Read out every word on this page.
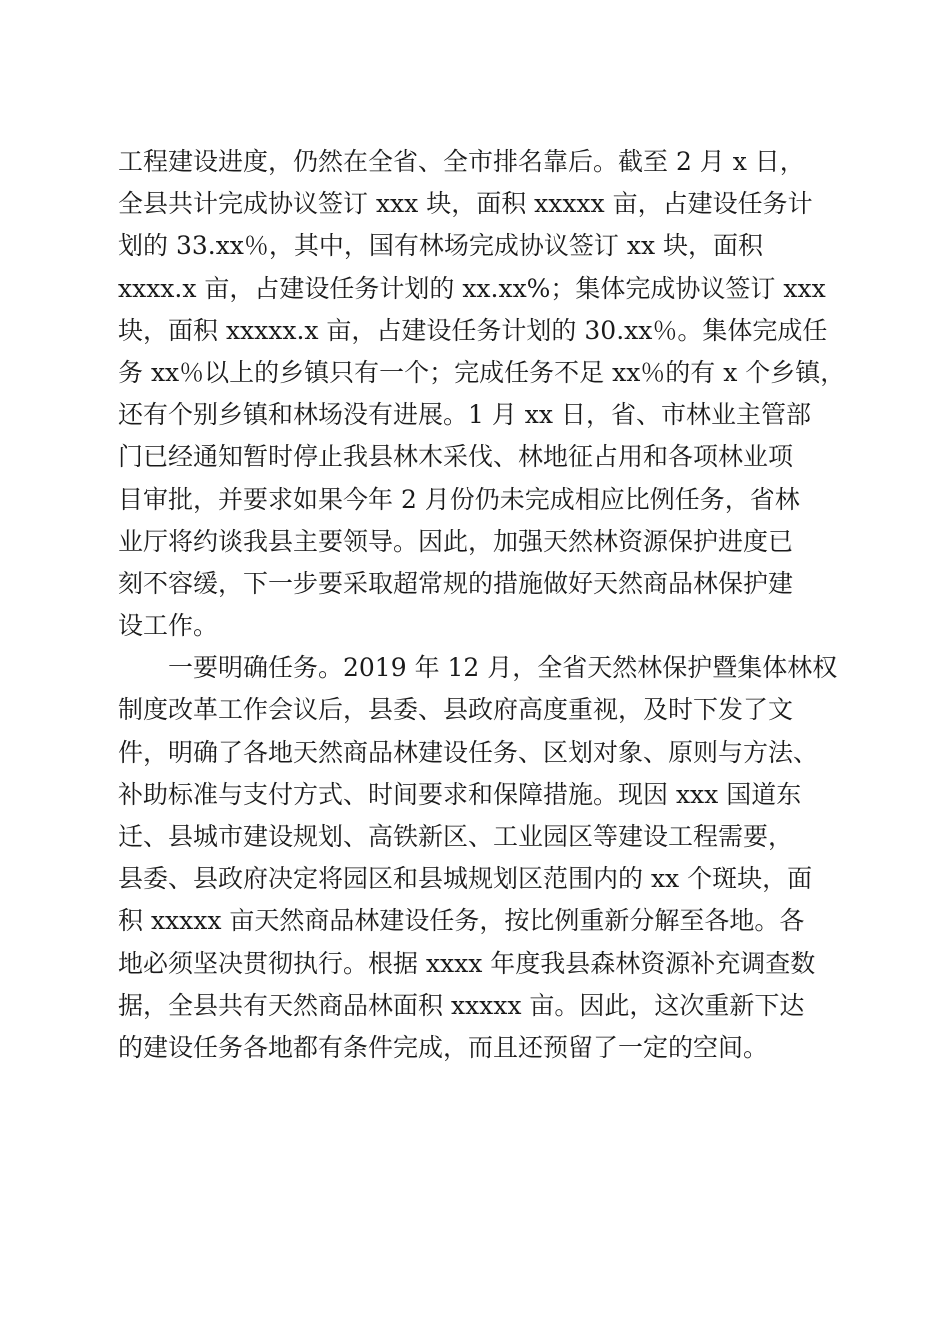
工程建设进度，仍然在全省、全市排名靠后。截至 2 月 x 日，
全县共计完成协议签订 xxx 块，面积 xxxxx 亩，占建设任务计
划的 33.xx％，其中，国有林场完成协议签订 xx 块，面积
xxxx.x 亩，占建设任务计划的 xx.xx%；集体完成协议签订 xxx
块，面积 xxxxx.x 亩，占建设任务计划的 30.xx％。集体完成任
务 xx％以上的乡镇只有一个；完成任务不足 xx％的有 x 个乡镇，
还有个别乡镇和林场没有进展。1 月 xx 日，省、市林业主管部
门已经通知暂时停止我县林木采伐、林地征占用和各项林业项
目审批，并要求如果今年 2 月份仍未完成相应比例任务，省林
业厅将约谈我县主要领导。因此，加强天然林资源保护进度已
刻不容缓，下一步要采取超常规的措施做好天然商品林保护建
设工作。
　　一要明确任务。2019 年 12 月，全省天然林保护暨集体林权
制度改革工作会议后，县委、县政府高度重视，及时下发了文
件，明确了各地天然商品林建设任务、区划对象、原则与方法、
补助标准与支付方式、时间要求和保障措施。现因 xxx 国道东
迁、县城市建设规划、高铁新区、工业园区等建设工程需要，
县委、县政府决定将园区和县城规划区范围内的 xx 个斑块，面
积 xxxxx 亩天然商品林建设任务，按比例重新分解至各地。各
地必须坚决贯彻执行。根据 xxxx 年度我县森林资源补充调查数
据，全县共有天然商品林面积 xxxxx 亩。因此，这次重新下达
的建设任务各地都有条件完成，而且还预留了一定的空间。
